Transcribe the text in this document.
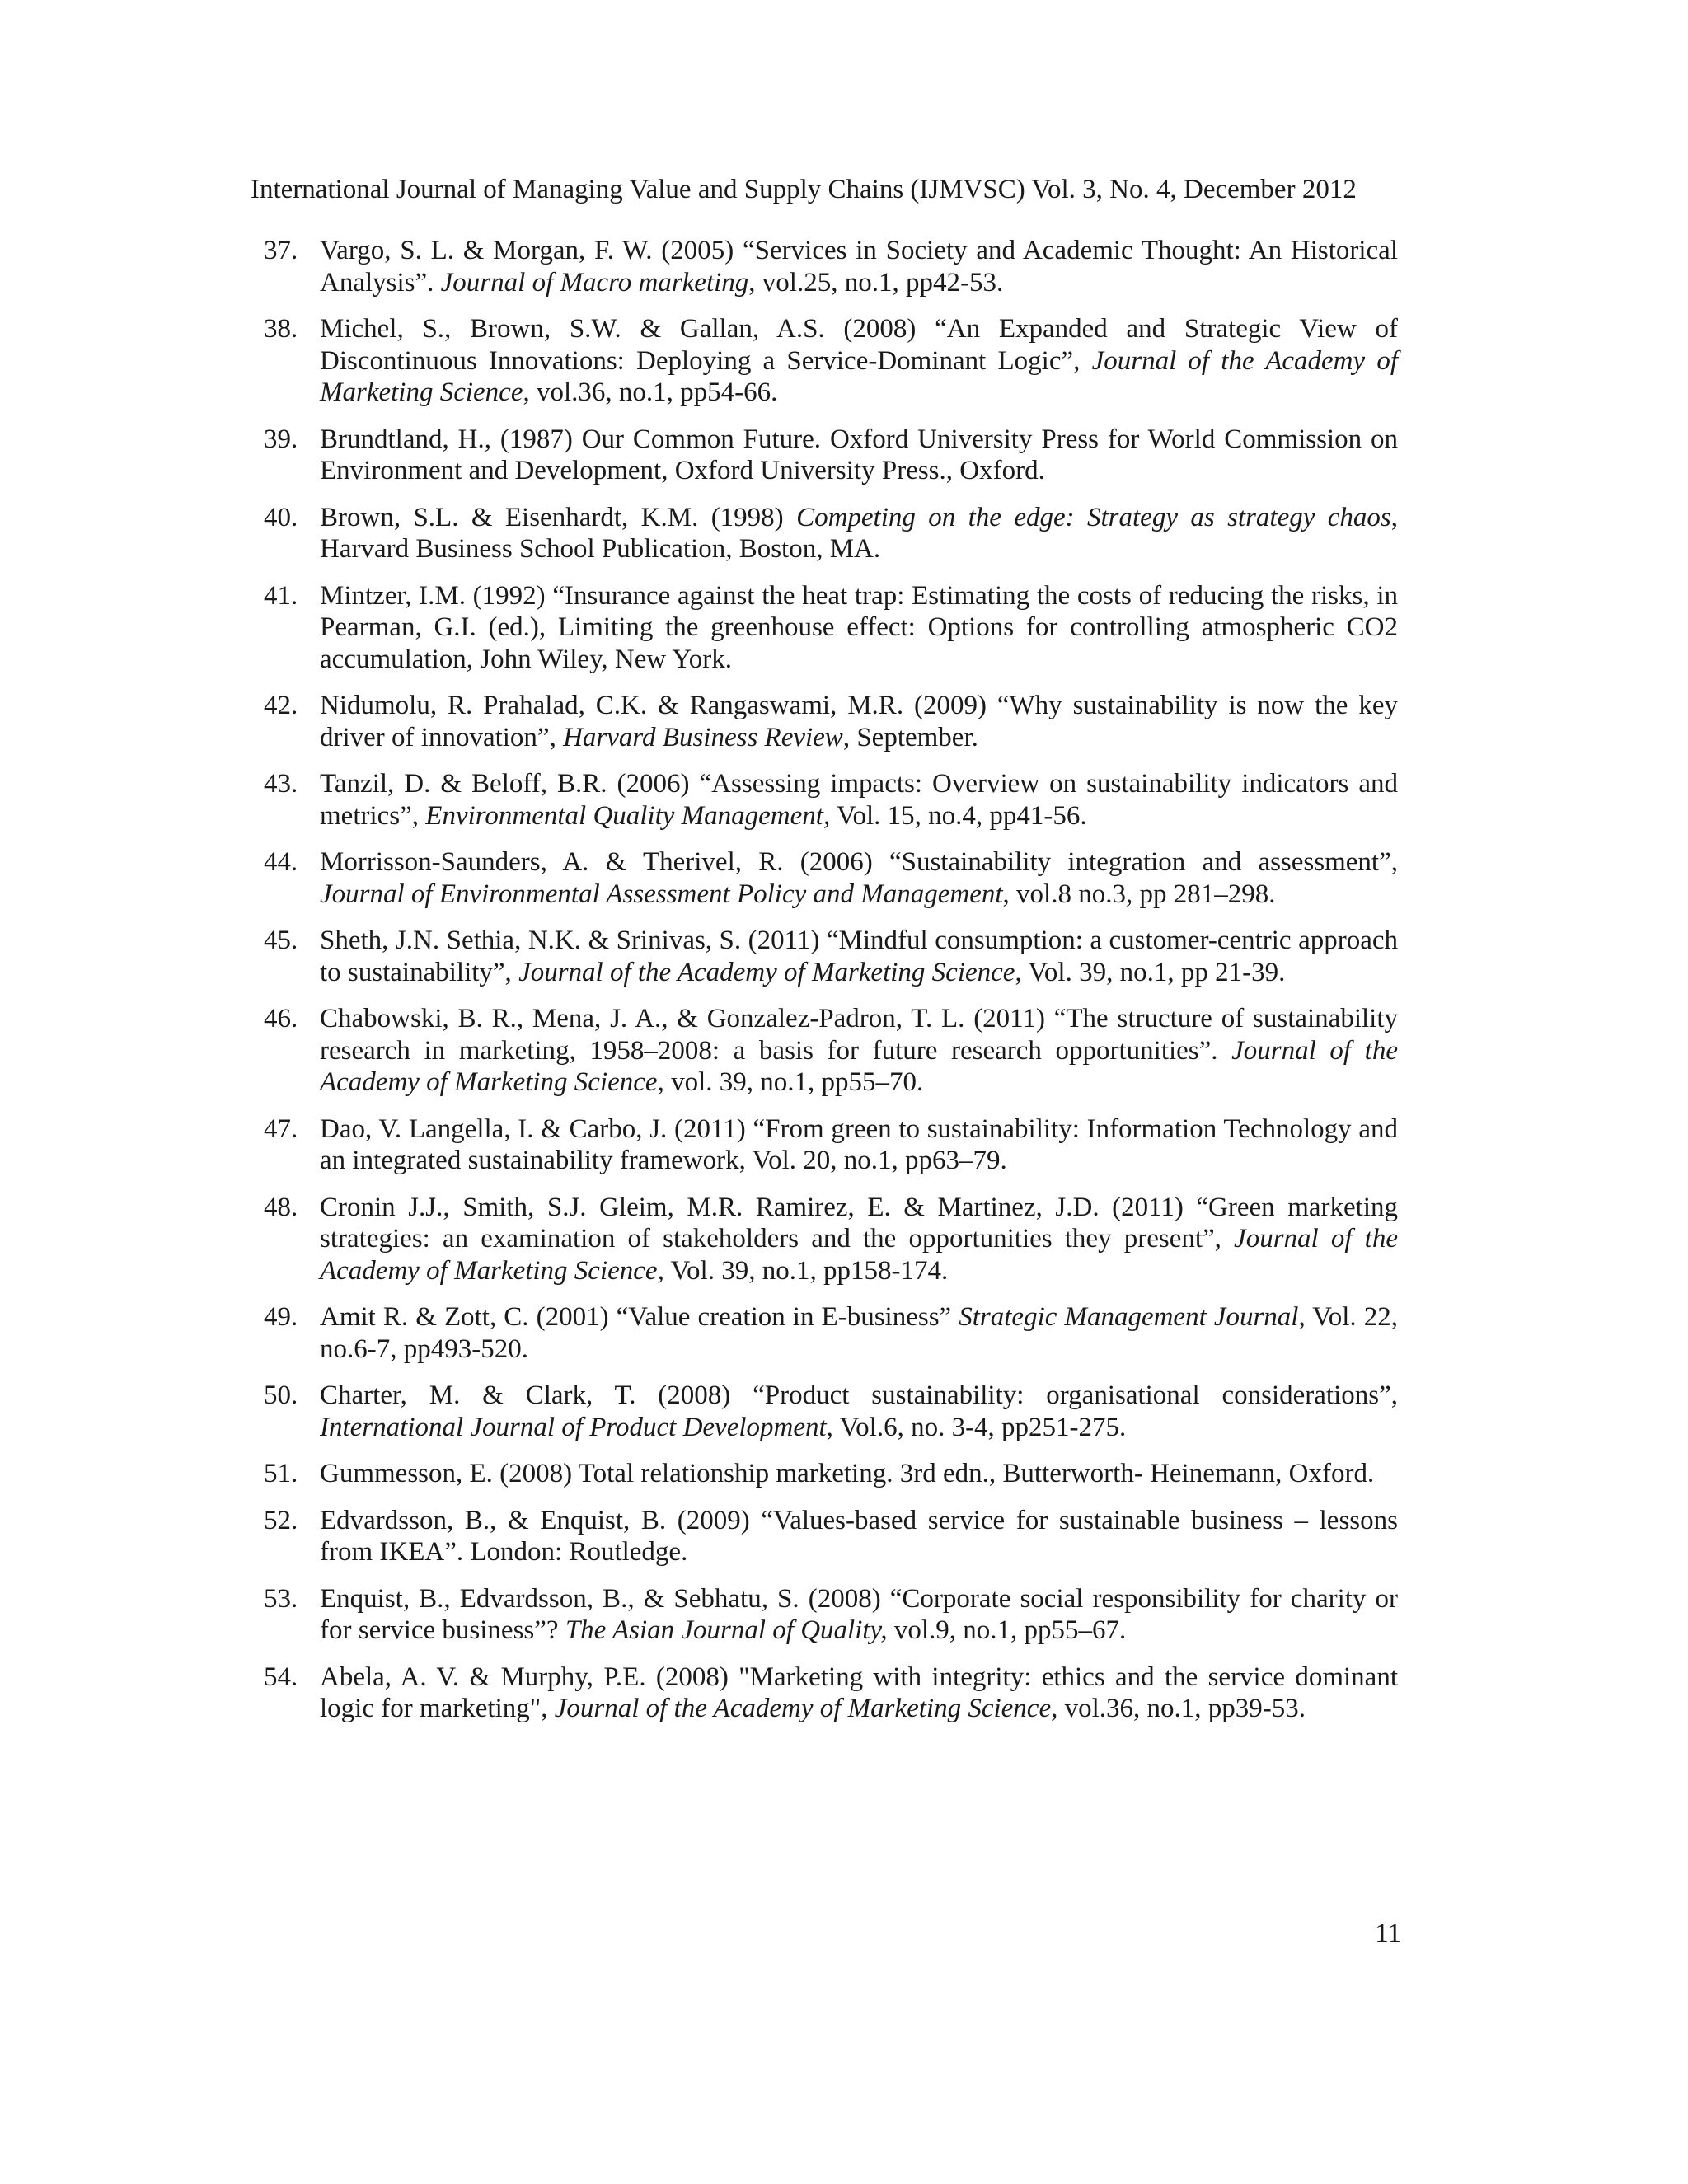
International Journal of Managing Value and Supply Chains (IJMVSC) Vol. 3, No. 4, December 2012
37. Vargo, S. L. & Morgan, F. W. (2005) “Services in Society and Academic Thought: An Historical Analysis”. Journal of Macro marketing, vol.25, no.1, pp42-53.
38. Michel, S., Brown, S.W. & Gallan, A.S. (2008) “An Expanded and Strategic View of Discontinuous Innovations: Deploying a Service-Dominant Logic”, Journal of the Academy of Marketing Science, vol.36, no.1, pp54-66.
39. Brundtland, H., (1987) Our Common Future. Oxford University Press for World Commission on Environment and Development, Oxford University Press., Oxford.
40. Brown, S.L. & Eisenhardt, K.M. (1998) Competing on the edge: Strategy as strategy chaos, Harvard Business School Publication, Boston, MA.
41. Mintzer, I.M. (1992) “Insurance against the heat trap: Estimating the costs of reducing the risks, in Pearman, G.I. (ed.), Limiting the greenhouse effect: Options for controlling atmospheric CO2 accumulation, John Wiley, New York.
42. Nidumolu, R. Prahalad, C.K. & Rangaswami, M.R. (2009) “Why sustainability is now the key driver of innovation”, Harvard Business Review, September.
43. Tanzil, D. & Beloff, B.R. (2006) “Assessing impacts: Overview on sustainability indicators and metrics”, Environmental Quality Management, Vol. 15, no.4, pp41-56.
44. Morrisson-Saunders, A. & Therivel, R. (2006) “Sustainability integration and assessment”, Journal of Environmental Assessment Policy and Management, vol.8 no.3, pp 281–298.
45. Sheth, J.N. Sethia, N.K. & Srinivas, S. (2011) “Mindful consumption: a customer-centric approach to sustainability”, Journal of the Academy of Marketing Science, Vol. 39, no.1, pp 21-39.
46. Chabowski, B. R., Mena, J. A., & Gonzalez-Padron, T. L. (2011) “The structure of sustainability research in marketing, 1958–2008: a basis for future research opportunities”. Journal of the Academy of Marketing Science, vol. 39, no.1, pp55–70.
47. Dao, V. Langella, I. & Carbo, J. (2011) “From green to sustainability: Information Technology and an integrated sustainability framework, Vol. 20, no.1, pp63–79.
48. Cronin J.J., Smith, S.J. Gleim, M.R. Ramirez, E. & Martinez, J.D. (2011) “Green marketing strategies: an examination of stakeholders and the opportunities they present”, Journal of the Academy of Marketing Science, Vol. 39, no.1, pp158-174.
49. Amit R. & Zott, C. (2001) “Value creation in E-business” Strategic Management Journal, Vol. 22, no.6-7, pp493-520.
50. Charter, M. & Clark, T. (2008) “Product sustainability: organisational considerations”, International Journal of Product Development, Vol.6, no. 3-4, pp251-275.
51. Gummesson, E. (2008) Total relationship marketing. 3rd edn., Butterworth- Heinemann, Oxford.
52. Edvardsson, B., & Enquist, B. (2009) “Values-based service for sustainable business – lessons from IKEA”. London: Routledge.
53. Enquist, B., Edvardsson, B., & Sebhatu, S. (2008) “Corporate social responsibility for charity or for service business”? The Asian Journal of Quality, vol.9, no.1, pp55–67.
54. Abela, A. V. & Murphy, P.E. (2008) "Marketing with integrity: ethics and the service dominant logic for marketing", Journal of the Academy of Marketing Science, vol.36, no.1, pp39-53.
11
